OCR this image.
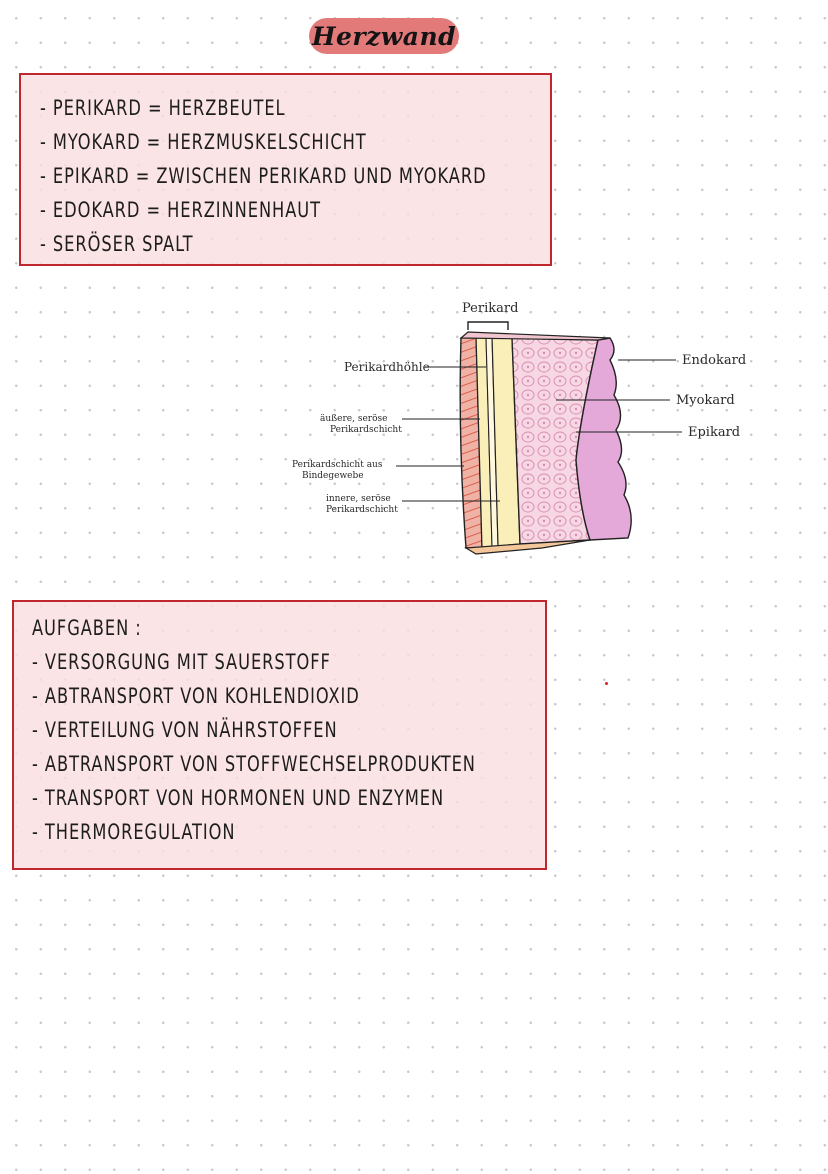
Herzwand
- PERIKARD = HERZBEUTEL
- MYOKARD = HERZMUSKELSCHICHT
- EPIKARD = ZWISCHEN PERIKARD UND MYOKARD
- EDOKARD = HERZINNENHAUT
- SERÖSER SPALT
Perikard
Perikardhöhle
äußere, seröse
Perikardschicht
Perikardschicht aus
Bindegewebe
innere, seröse
Perikardschicht
Endokard
Myokard
Epikard
AUFGABEN :
- VERSORGUNG MIT SAUERSTOFF
- ABTRANSPORT VON KOHLENDIOXID
- VERTEILUNG VON NÄHRSTOFFEN
- ABTRANSPORT VON STOFFWECHSELPRODUKTEN
- TRANSPORT VON HORMONEN UND ENZYMEN
- THERMOREGULATION
